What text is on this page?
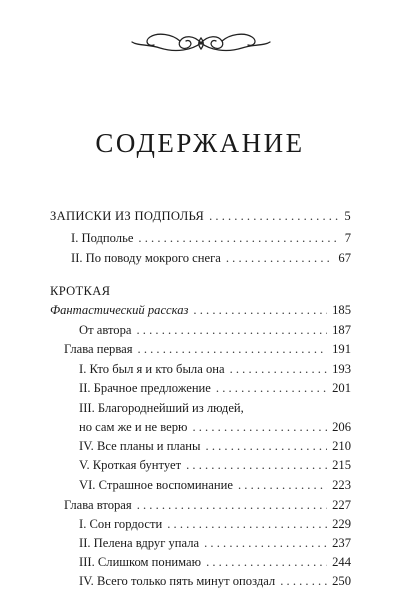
СОДЕРЖАНИЕ
ЗАПИСКИ ИЗ ПОДПОЛЬЯ . . .	5
I. Подполье . . .	7
II. По поводу мокрого снега . . .	67
КРОТКАЯ
Фантастический рассказ . . .	185
От автора . . .	187
Глава первая . . .	191
I. Кто был я и кто была она . . .	193
II. Брачное предложение . . .	201
III. Благороднейший из людей,
но сам же и не верю . . .	206
IV. Все планы и планы . . .	210
V. Кроткая бунтует . . .	215
VI. Страшное воспоминание . . .	223
Глава вторая . . .	227
I. Сон гордости . . .	229
II. Пелена вдруг упала . . .	237
III. Слишком понимаю . . .	244
IV. Всего только пять минут опоздал . . .	250
